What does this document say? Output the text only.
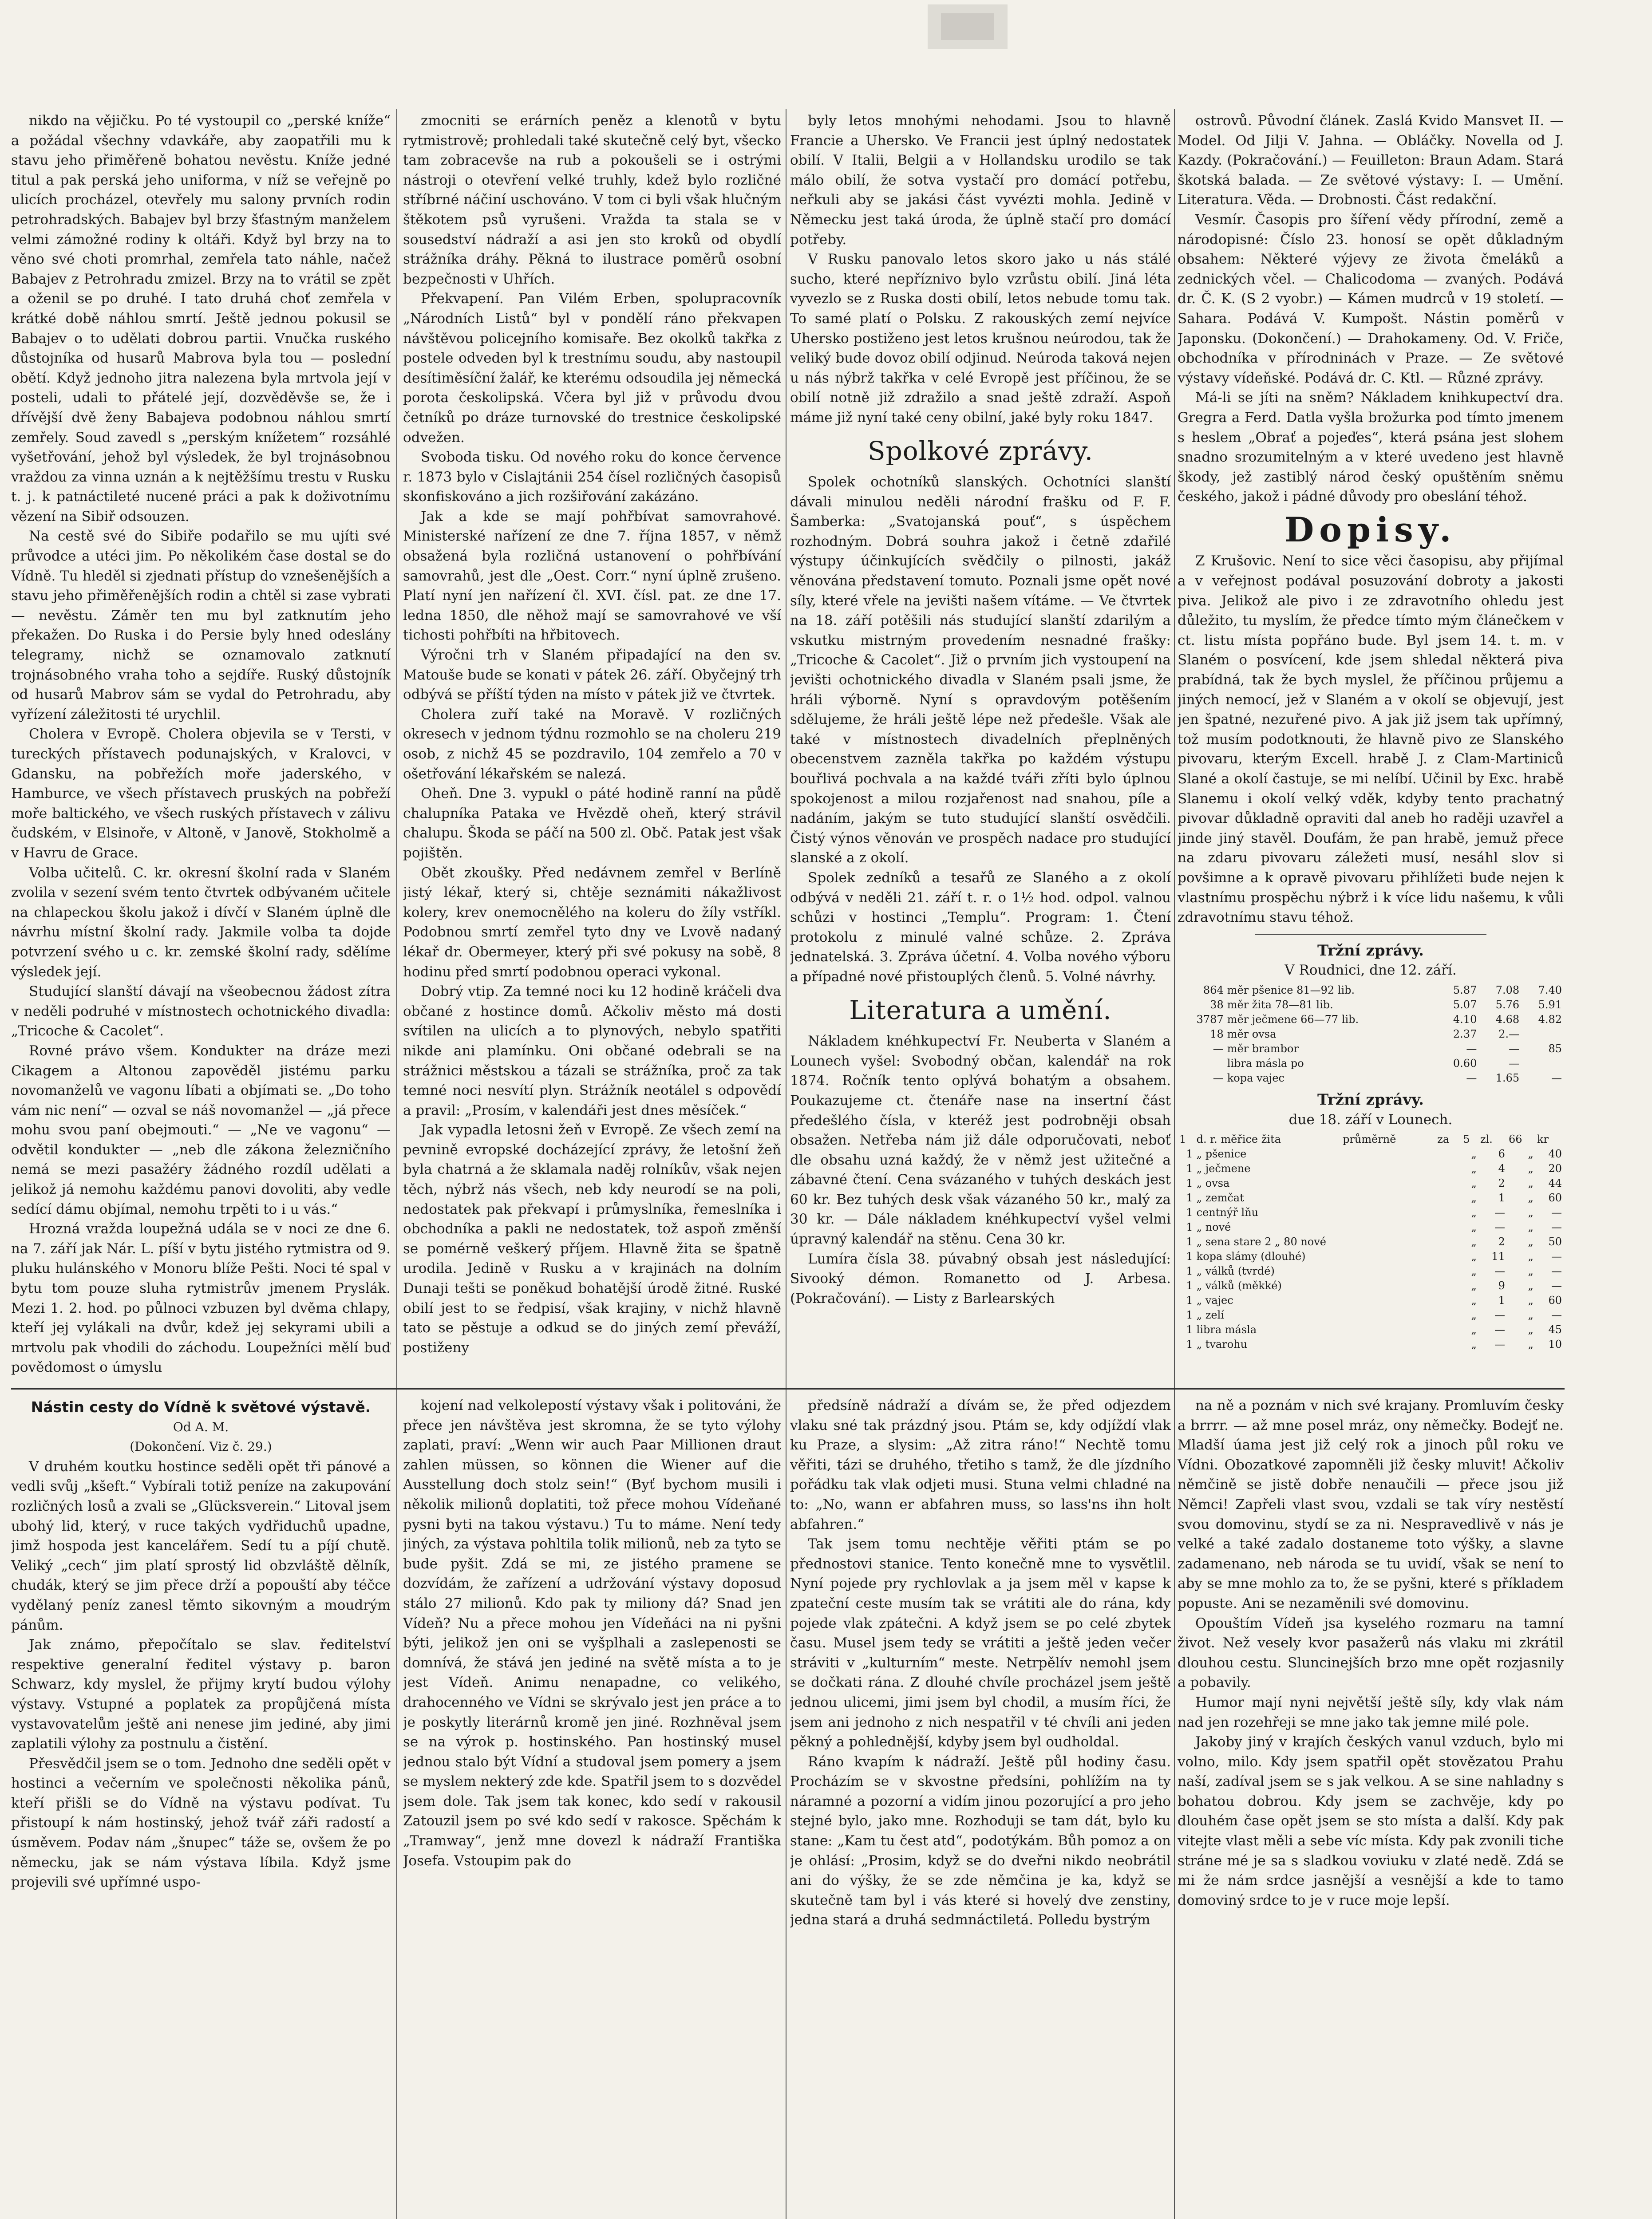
nikdo na vějičku. Po té vystoupil co „perské kníže“ a požádal všechny vdavkáře, aby zaopatřili mu k stavu jeho přiměřeně bohatou nevěstu. Kníže jedné titul a pak perská jeho uniforma, v níž se veřejně po ulicích procházel, otevřely mu salony prvních rodin petrohradských. Babajev byl brzy šťastným manželem velmi zámožné rodiny k oltáři. Když byl brzy na to věno své choti promrhal, zemřela tato náhle, načež Babajev z Petrohradu zmizel. Brzy na to vrátil se zpět a oženil se po druhé. I tato druhá choť zemřela v krátké době náhlou smrtí. Ještě jednou pokusil se Babajev o to udělati dobrou partii. Vnučka ruského důstojníka od husarů Mabrova byla tou — poslední obětí. Když jednoho jitra nalezena byla mrtvola její v posteli, udali to přátelé její, dozvěděvše se, že i dřívější dvě ženy Babajeva podobnou náhlou smrtí zemřely. Soud zavedl s „perským knížetem“ rozsáhlé vyšetřování, jehož byl výsledek, že byl trojnásobnou vraždou za vinna uznán a k nejtěžšímu trestu v Rusku t. j. k patnáctileté nucené práci a pak k doživotnímu vězení na Sibiř odsouzen.

Na cestě své do Sibiře podařilo se mu ujíti své průvodce a utéci jim. Po několikém čase dostal se do Vídně. Tu hleděl si zjednati přístup do vznešenějších a stavu jeho přiměřenějších rodin a chtěl si zase vybrati — nevěstu. Záměr ten mu byl zatknutím jeho překažen. Do Ruska i do Persie byly hned odeslány telegramy, nichž se oznamovalo zatknutí trojnásobného vraha toho a sejdíře. Ruský důstojník od husarů Mabrov sám se vydal do Petrohradu, aby vyřízení záležitosti té urychlil.

Cholera v Evropě. Cholera objevila se v Tersti, v tureckých přístavech podunajských, v Kralovci, v Gdansku, na pobřežích moře jaderského, v Hamburce, ve všech přístavech pruských na pobřeží moře baltického, ve všech ruských přístavech v zálivu čudském, v Elsinoře, v Altoně, v Janově, Stokholmě a v Havru de Grace.

Volba učitelů. C. kr. okresní školní rada v Slaném zvolila v sezení svém tento čtvrtek odbývaném učitele na chlapeckou školu jakož i dívčí v Slaném úplně dle návrhu místní školní rady. Jakmile volba ta dojde potvrzení svého u c. kr. zemské školní rady, sdělíme výsledek její.

Studující slanští dávají na všeobecnou žádost zítra v neděli podruhé v místnostech ochotnického divadla: „Tricoche & Cacolet“.

Rovné právo všem. Kondukter na dráze mezi Cikagem a Altonou zapověděl jistému parku novomanželů ve vagonu líbati a objímati se. „Do toho vám nic není“ — ozval se náš novomanžel — „já přece mohu svou paní obejmouti.“ — „Ne ve vagonu“ — odvětil kondukter — „neb dle zákona železničního nemá se mezi pasažéry žádného rozdíl udělati a jelikož já nemohu každému panovi dovoliti, aby vedle sedící dámu objímal, nemohu trpěti to i u vás.“

Hrozná vražda loupežná udála se v noci ze dne 6. na 7. září jak Nár. L. píší v bytu jistého rytmistra od 9. pluku hulánského v Monoru blíže Pešti. Noci té spal v bytu tom pouze sluha rytmistrův jmenem Pryslák. Mezi 1. 2. hod. po půlnoci vzbuzen byl dvěma chlapy, kteří jej vylákali na dvůr, kdež jej sekyrami ubili a mrtvolu pak vhodili do záchodu. Loupežníci mělí buď povědomost o úmyslu

zmocniti se erárních peněz a klenotů v bytu rytmistrově; prohledali také skutečně celý byt, všecko tam zobracevše na rub a pokoušeli se i ostrými nástroji o otevření velké truhly, kdež bylo rozličné stříbrné náčiní uschováno. V tom ci byli však hlučným štěkotem psů vyrušeni. Vražda ta stala se v sousedství nádraží a asi jen sto kroků od obydlí strážníka dráhy. Pěkná to ilustrace poměrů osobní bezpečnosti v Uhřích.

Překvapení. Pan Vilém Erben, spolupracovník „Národních Listů“ byl v pondělí ráno překvapen návštěvou policejního komisaře. Bez okolků takřka z postele odveden byl k trestnímu soudu, aby nastoupil desítiměsíční žalář, ke kterému odsoudila jej německá porota českolipská. Včera byl již v průvodu dvou četníků po dráze turnovské do trestnice českolipské odvežen.

Svoboda tisku. Od nového roku do konce července r. 1873 bylo v Cislajtánii 254 čísel rozličných časopisů skonfiskováno a jich rozšiřování zakázáno.

Jak a kde se mají pohřbívat samovrahové. Ministerské nařízení ze dne 7. října 1857, v němž obsažená byla rozličná ustanovení o pohřbívání samovrahů, jest dle „Oest. Corr.“ nyní úplně zrušeno. Platí nyní jen nařízení čl. XVI. čísl. pat. ze dne 17. ledna 1850, dle něhož mají se samovrahové ve vší tichosti pohřbíti na hřbitovech.

Výročni trh v Slaném připadající na den sv. Matouše bude se konati v pátek 26. září. Obyčejný trh odbývá se příští týden na místo v pátek již ve čtvrtek.

Cholera zuří také na Moravě. V rozličných okresech v jednom týdnu rozmohlo se na choleru 219 osob, z nichž 45 se pozdravilo, 104 zemřelo a 70 v ošetřování lékařském se nalezá.

Oheň. Dne 3. vypukl o páté hodině ranní na půdě chalupníka Pataka ve Hvězdě oheň, který strávil chalupu. Škoda se páčí na 500 zl. Obč. Patak jest však pojištěn.

Obět zkoušky. Před nedávnem zemřel v Berlíně jistý lékař, který si, chtěje seznámiti nákažlivost kolery, krev onemocnělého na koleru do žíly vstříkl. Podobnou smrtí zemřel tyto dny ve Lvově nadaný lékař dr. Obermeyer, který při své pokusy na sobě, 8 hodinu před smrtí podobnou operaci vykonal.

Dobrý vtip. Za temné noci ku 12 hodině kráčeli dva občané z hostince domů. Ačkoliv město má dosti svítilen na ulicích a to plynových, nebylo spatřiti nikde ani plamínku. Oni občané odebrali se na strážnici městskou a tázali se strážníka, proč za tak temné noci nesvítí plyn. Strážník neotálel s odpovědí a pravil: „Prosím, v kalendáři jest dnes měsíček.“

Jak vypadla letosni žeň v Evropě. Ze všech zemí na pevnině evropské docházející zprávy, že letošní žeň byla chatrná a že sklamala naděj rolníkův, však nejen těch, nýbrž nás všech, neb kdy neurodí se na poli, nedostatek pak překvapí i průmyslníka, řemeslníka i obchodníka a pakli ne nedostatek, tož aspoň změnší se pomérně veškerý příjem. Hlavně žita se špatně urodila. Jedině v Rusku a v krajinách na dolním Dunaji tešti se poněkud bohatější úrodě žitné. Ruské obilí jest to se ředpisí, však krajiny, v nichž hlavně tato se pěstuje a odkud se do jiných zemí převáží, postiženy

byly letos mnohými nehodami. Jsou to hlavně Francie a Uhersko. Ve Francii jest úplný nedostatek obilí. V Italii, Belgii a v Hollandsku urodilo se tak málo obilí, že sotva vystačí pro domácí potřebu, neřkuli aby se jakási část vyvézti mohla. Jedině v Německu jest taká úroda, že úplně stačí pro domácí potřeby.

V Rusku panovalo letos skoro jako u nás stálé sucho, které nepříznivo bylo vzrůstu obilí. Jiná léta vyvezlo se z Ruska dosti obilí, letos nebude tomu tak. To samé platí o Polsku. Z rakouských zemí nejvíce Uhersko postiženo jest letos krušnou neúrodou, tak že veliký bude dovoz obilí odjinud. Neúroda taková nejen u nás nýbrž takřka v celé Evropě jest příčinou, že se obilí notně již zdražilo a snad ještě zdraží. Aspoň máme již nyní také ceny obilní, jaké byly roku 1847.

Spolkové zprávy.

Spolek ochotníků slanských. Ochotníci slanští dávali minulou neděli národní frašku od F. F. Šamberka: „Svatojanská pouť“, s úspěchem rozhodným. Dobrá souhra jakož i četně zdařilé výstupy účinkujících svědčily o pilnosti, jakáž věnována představení tomuto. Poznali jsme opět nové síly, které vřele na jevišti našem vítáme. — Ve čtvrtek na 18. září potěšili nás studující slanští zdarilým a vskutku mistrným provedením nesnadné frašky: „Tricoche & Cacolet“. Již o prvním jich vystoupení na jevišti ochotnického divadla v Slaném psali jsme, že hráli výborně. Nyní s opravdovým potěšením sdělujeme, že hráli ještě lépe než předešle. Však ale také v místnostech divadelních přeplněných obecenstvem zazněla takřka po každém výstupu bouřlivá pochvala a na každé tváři zříti bylo úplnou spokojenost a milou rozjařenost nad snahou, píle a nadáním, jakým se tuto studující slanští osvědčili. Čistý výnos věnován ve prospěch nadace pro studující slanské a z okolí.

Spolek zedníků a tesařů ze Slaného a z okolí odbývá v neděli 21. září t. r. o 1½ hod. odpol. valnou schůzi v hostinci „Templu“. Program: 1. Čtení protokolu z minulé valné schůze. 2. Zpráva jednatelská. 3. Zpráva účetní. 4. Volba nového výboru a případné nové přistouplých členů. 5. Volné návrhy.

Literatura a umění.

Nákladem knéhkupectví Fr. Neuberta v Slaném a Lounech vyšel: Svobodný občan, kalendář na rok 1874. Ročník tento oplývá bohatým a obsahem. Poukazujeme ct. čtenáře nase na insertní část předešlého čísla, v kteréž jest podrobněji obsah obsažen. Netřeba nám již dále odporučovati, neboť dle obsahu uzná každý, že v němž jest užitečné a zábavné čtení. Cena svázaného v tuhých deskách jest 60 kr. Bez tuhých desk však vázaného 50 kr., malý za 30 kr. — Dále nákladem knéhkupectví vyšel velmi úpravný kalendář na stěnu. Cena 30 kr.

Lumíra čísla 38. púvabný obsah jest následující: Sivooký démon. Romanetto od J. Arbesa. (Pokračování). — Listy z Barlearských

ostrovů. Původní článek. Zaslá Kvido Mansvet II. — Model. Od Jilji V. Jahna. — Obláčky. Novella od J. Kazdy. (Pokračování.) — Feuilleton: Braun Adam. Stará škotská balada. — Ze světové výstavy: I. — Umění. Literatura. Věda. — Drobnosti. Část redakční.

Vesmír. Časopis pro šíření vědy přírodní, země a národopisné: Číslo 23. honosí se opět důkladným obsahem: Některé výjevy ze života čmeláků a zednických včel. — Chalicodoma — zvaných. Podává dr. Č. K. (S 2 vyobr.) — Kámen mudrců v 19 století. — Sahara. Podává V. Kumpošt. Nástin poměrů v Japonsku. (Dokončení.) — Drahokameny. Od. V. Friče, obchodníka v přírodninách v Praze. — Ze světové výstavy vídeňské. Podává dr. C. Ktl. — Různé zprávy.

Má-li se jíti na sněm? Nákladem knihkupectví dra. Gregra a Ferd. Datla vyšla brožurka pod tímto jmenem s heslem „Obrať a pojeďes“, která psána jest slohem snadno srozumitelným a v které uvedeno jest hlavně škody, jež zastiblý národ český opuštěním sněmu českého, jakož i pádné důvody pro obeslání téhož.

Dopisy.

Z Krušovic. Není to sice věci časopisu, aby přijímal a v veřejnost podával posuzování dobroty a jakosti piva. Jelikož ale pivo i ze zdravotního ohledu jest důležito, tu myslím, že předce tímto mým článečkem v ct. listu místa popřáno bude. Byl jsem 14. t. m. v Slaném o posvícení, kde jsem shledal některá piva prabídná, tak že bych myslel, že příčinou průjemu a jiných nemocí, jež v Slaném a v okolí se objevují, jest jen špatné, nezuřené pivo. A jak již jsem tak upřímný, tož musím podotknouti, že hlavně pivo ze Slanského pivovaru, kterým Excell. hrabě J. z Clam-Martiniců Slané a okolí častuje, se mi nelíbí. Učinil by Exc. hrabě Slanemu i okolí velký vděk, kdyby tento prachatný pivovar důkladně opraviti dal aneb ho raději uzavřel a jinde jiný stavěl. Doufám, že pan hrabě, jemuž přece na zdaru pivovaru záležeti musí, nesáhl slov si povšimne a k opravě pivovaru přihlížeti bude nejen k vlastnímu prospěchu nýbrž i k více lidu našemu, k vůli zdravotnímu stavu téhož.

Tržní zprávy.
V Roudnici, dne 12. září.
864	měr pšenice 81—92 lib.	5.87	7.08	7.40
38	měr žita 78—81 lib.	5.07	5.76	5.91
3787	měr ječmene 66—77 lib.	4.10	4.68	4.82
18	měr ovsa	2.37	2.—	
—	měr brambor	—	—	85
	libra másla po	0.60	—	
—	kopa vajec	—	1.65	—
Tržní zprávy.
due 18. září v Lounech.
1	d. r. měřice žita	průměrně	za	5	zl.	66	kr
1	„ pšenice			„	6	„	40
1	„ ječmene			„	4	„	20
1	„ ovsa			„	2	„	44
1	„ zemčat			„	1	„	60
1	centnýř lňu			„	—	„	—
1	„ nové			„	—	„	—
1	„ sena stare 2 „ 80 nové			„	2	„	50
1	kopa slámy (dlouhé)			„	11	„	—
1	„ válků (tvrdé)			„	—	„	—
1	„ válků (měkké)			„	9	„	—
1	„ vajec			„	1	„	60
1	„ zelí			„	—	„	—
1	libra másla			„	—	„	45
1	„ tvarohu			„	—	„	10
Nástin cesty do Vídně k světové výstavě.
Od A. M.
(Dokončení. Viz č. 29.)

V druhém koutku hostince seděli opět tři pánové a vedli svůj „kšeft.“ Vybírali totiž peníze na zakupování rozličných losů a zvali se „Glücksverein.“ Litoval jsem ubohý lid, který, v ruce takých vydřiduchů upadne, jimž hospoda jest kancelářem. Sedí tu a píjí chutě. Veliký „cech“ jim platí sprostý lid obzvláště dělník, chudák, který se jim přece drží a popouští aby téčce vydělaný peníz zanesl těmto sikovným a moudrým pánům.

Jak známo, přepočítalo se slav. ředitelství respektive generalní ředitel výstavy p. baron Schwarz, kdy myslel, že přijmy krytí budou výlohy výstavy. Vstupné a poplatek za propůjčená místa vystavovatelům ještě ani nenese jim jediné, aby jimi zaplatili výlohy za postnulu a čistění.

Přesvědčil jsem se o tom. Jednoho dne seděli opět v hostinci a večerním ve společnosti několika pánů, kteří přišli se do Vídně na výstavu podívat. Tu přistoupí k nám hostinský, jehož tvář záři radostí a úsměvem. Podav nám „šnupec“ táže se, ovšem že po německu, jak se nám výstava líbila. Když jsme projevili své upřímné uspo-

kojení nad velkolepostí výstavy však i politováni, že přece jen návštěva jest skromna, že se tyto výlohy zaplati, praví: „Wenn wir auch Paar Millionen draut zahlen müssen, so können die Wiener auf die Ausstellung doch stolz sein!“ (Byť bychom musili i několik milionů doplatiti, tož přece mohou Vídeňané pysni byti na takou výstavu.) Tu to máme. Není tedy jiných, za výstava pohltila tolik milionů, neb za tyto se bude pyšit. Zdá se mi, ze jistého pramene se dozvídám, že zařízení a udržování výstavy doposud stálo 27 milionů. Kdo pak ty miliony dá? Snad jen Vídeň? Nu a přece mohou jen Vídeňáci na ni pyšni býti, jelikož jen oni se vyšplhali a zaslepenosti se domnívá, že stává jen jediné na světě místa a to je jest Vídeň. Animu nenapadne, co velikého, drahocenného ve Vídni se skrývalo jest jen práce a to je poskytly literárnů kromě jen jiné. Rozhněval jsem se na výrok p. hostinského. Pan hostinský musel jednou stalo být Vídní a studoval jsem pomery a jsem se myslem nekterý zde kde. Spatřil jsem to s dozvědel jsem dole. Tak jsem tak konec, kdo sedí v rakousil Zatouzil jsem po své kdo sedí v rakosce. Spěchám k „Tramway“, jenž mne dovezl k nádraží Františka Josefa. Vstoupim pak do

předsíně nádraží a dívám se, že před odjezdem vlaku sné tak prázdný jsou. Ptám se, kdy odjíždí vlak ku Praze, a slysim: „Až zitra ráno!“ Nechtě tomu věřiti, tázi se druhého, třetiho s tamž, že dle jízdního pořádku tak vlak odjeti musi. Stuna velmi chladné na to: „No, wann er abfahren muss, so lass'ns ihn holt abfahren.“

Tak jsem tomu nechtěje věřiti ptám se po přednostovi stanice. Tento konečně mne to vysvětlil. Nyní pojede pry rychlovlak a ja jsem měl v kapse k zpateční ceste musím tak se vrátiti ale do rána, kdy pojede vlak zpátečni. A když jsem se po celé zbytek času. Musel jsem tedy se vrátiti a ještě jeden večer stráviti v „kulturním“ meste. Netrpělív nemohl jsem se dočkati rána. Z dlouhé chvíle procházel jsem ještě jednou ulicemi, jimi jsem byl chodil, a musím říci, že jsem ani jednoho z nich nespatřil v té chvíli ani jeden pěkný a pohlednější, kdyby jsem byl oudholdal.

Ráno kvapím k nádraží. Ještě půl hodiny času. Procházím se v skvostne předsíni, pohlížím na ty náramné a pozorní a vidím jinou pozorující a pro jeho stejné bylo, jako mne. Rozhoduji se tam dát, bylo ku stane: „Kam tu čest atd“, podotýkám. Bůh pomoz a on je ohlásí: „Prosim, když se do dveřni nikdo neobrátil ani do výšky, že se zde němčina je ka, když se skutečně tam byl i vás které si hovelý dve zenstiny, jedna stará a druhá sedmnáctiletá. Polledu bystrým

na ně a poznám v nich své krajany. Promluvím česky a brrrr. — až mne posel mráz, ony němečky. Bodejť ne. Mladší úama jest již celý rok a jinoch půl roku ve Vídni. Obozatkové zapomněli již česky mluvit! Ačkoliv němčině se jistě dobře nenaučili — přece jsou již Němci! Zapřeli vlast svou, vzdali se tak víry nestěstí svou domovinu, stydí se za ni. Nespravedlivě v nás je velké a také zadalo dostaneme toto výšky, a slavne zadamenano, neb národa se tu uvidí, však se není to aby se mne mohlo za to, že se pyšni, které s příkladem popuste. Ani se nezaměnili své domovinu.

Opouštím Vídeň jsa kyselého rozmaru na tamní život. Než vesely kvor pasažerů nás vlaku mi zkrátil dlouhou cestu. Sluncinejších brzo mne opět rozjasnily a pobavily.

Humor mají nyni největší ještě síly, kdy vlak nám nad jen rozehřeji se mne jako tak jemne milé pole.

Jakoby jiný v krajích českých vanul vzduch, bylo mi volno, milo. Kdy jsem spatřil opět stovězatou Prahu naší, zadíval jsem se s jak velkou. A se sine nahladny s bohatou dobrou. Kdy jsem se zachvěje, kdy po dlouhém čase opět jsem se sto místa a další. Kdy pak vitejte vlast měli a sebe víc místa. Kdy pak zvonili tiche stráne mé je sa s sladkou voviuku v zlaté nedě. Zdá se mi že nám srdce jasnější a vesnější a kde to tamo domoviný srdce to je v ruce moje lepší.
